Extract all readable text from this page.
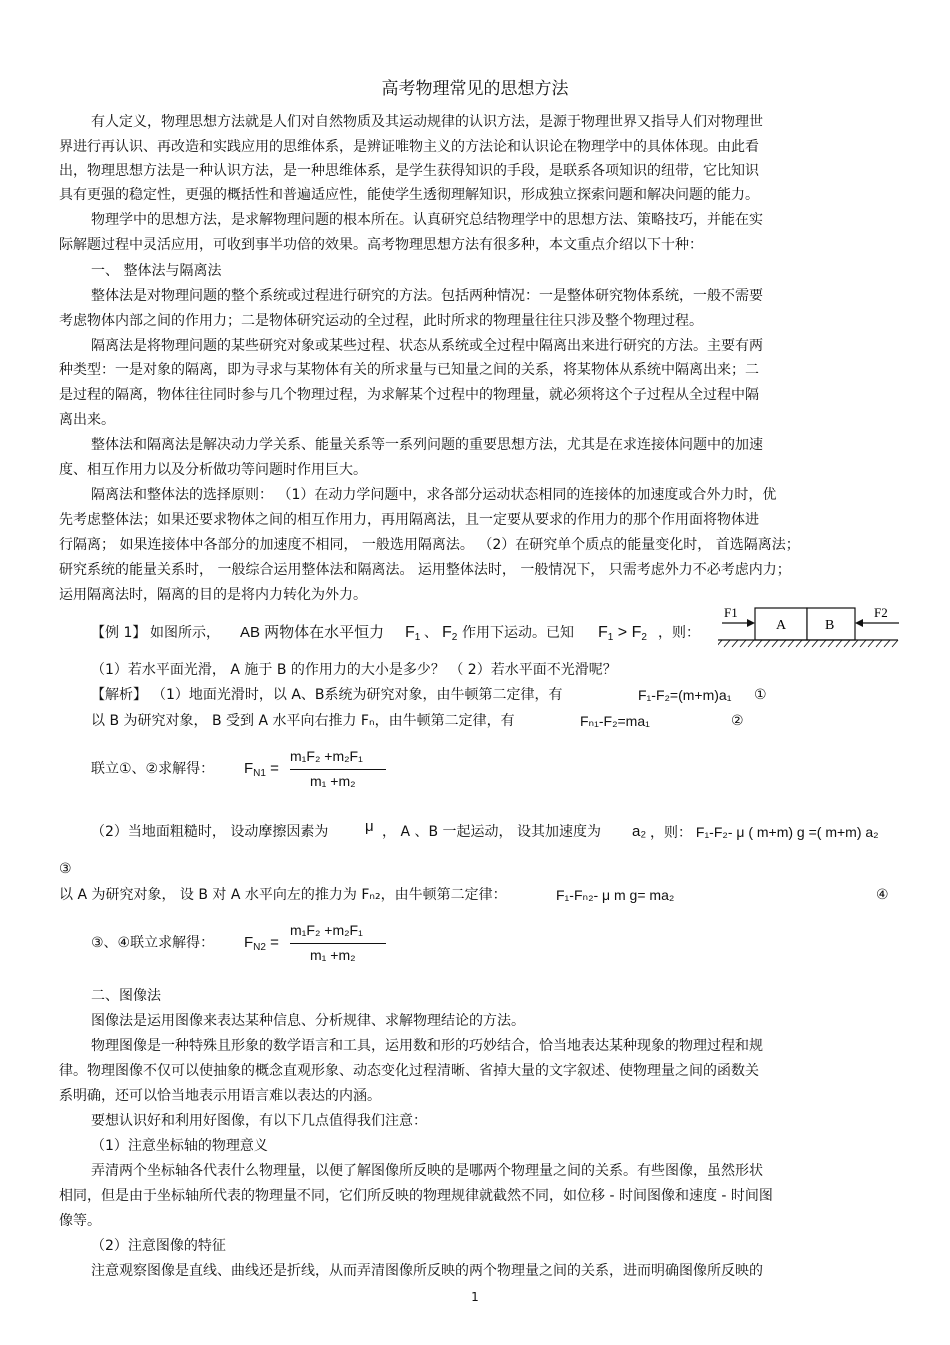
高考物理常见的思想方法
有人定义，物理思想方法就是人们对自然物质及其运动规律的认识方法，是源于物理世界又指导人们对物理世
界进行再认识、再改造和实践应用的思维体系，是辨证唯物主义的方法论和认识论在物理学中的具体体现。由此看
出，物理思想方法是一种认识方法，是一种思维体系，是学生获得知识的手段，是联系各项知识的纽带，它比知识
具有更强的稳定性，更强的概括性和普遍适应性，能使学生透彻理解知识，形成独立探索问题和解决问题的能力。
物理学中的思想方法，是求解物理问题的根本所在。认真研究总结物理学中的思想方法、策略技巧，并能在实
际解题过程中灵活应用，可收到事半功倍的效果。高考物理思想方法有很多种，本文重点介绍以下十种：
一、 整体法与隔离法
整体法是对物理问题的整个系统或过程进行研究的方法。包括两种情况：一是整体研究物体系统，一般不需要
考虑物体内部之间的作用力；二是物体研究运动的全过程，此时所求的物理量往往只涉及整个物理过程。
隔离法是将物理问题的某些研究对象或某些过程、状态从系统或全过程中隔离出来进行研究的方法。主要有两
种类型：一是对象的隔离，即为寻求与某物体有关的所求量与已知量之间的关系，将某物体从系统中隔离出来；二
是过程的隔离，物体往往同时参与几个物理过程，为求解某个过程中的物理量，就必须将这个子过程从全过程中隔
离出来。
整体法和隔离法是解决动力学关系、能量关系等一系列问题的重要思想方法，尤其是在求连接体问题中的加速
度、相互作用力以及分析做功等问题时作用巨大。
隔离法和整体法的选择原则： （1）在动力学问题中，求各部分运动状态相同的连接体的加速度或合外力时，优
先考虑整体法；如果还要求物体之间的相互作用力，再用隔离法，且一定要从要求的作用力的那个作用面将物体进
行隔离； 如果连接体中各部分的加速度不相同， 一般选用隔离法。 （2）在研究单个质点的能量变化时， 首选隔离法；
研究系统的能量关系时， 一般综合运用整体法和隔离法。 运用整体法时， 一般情况下， 只需考虑外力不必考虑内力；
运用隔离法时，隔离的目的是将内力转化为外力。
【例 1】 如图所示， AB 两物体在水平恒力 $F_1$ 、 $F_2$ 作用下运动。已知 $F_1 > F_2$ ，则：
F1	F2
A	B
（1）若水平面光滑， A 施于 B 的作用力的大小是多少？ （ 2）若水平面不光滑呢？
【解析】 （1）地面光滑时，以 A、B系统为研究对象，由牛顿第二定律，有	F₁-F₂=(m+m)a₁ ①
以 B 为研究对象， B 受到 A 水平向右推力 Fₙ，由牛顿第二定律，有	Fₙ₁-F₂=ma₁	②
联立①、②求解得： $F_{N1}$ =
m₁F₂ +m₂F₁
m₁ +m₂
（2）当地面粗糙时， 设动摩擦因素为 μ ， A 、B 一起运动， 设其加速度为 a₂ ，则： F₁-F₂- μ ( m+m) g =( m+m) a₂
③
以 A 为研究对象， 设 B 对 A 水平向左的推力为 Fₙ₂，由牛顿第二定律：	F₁-Fₙ₂- μ m g= ma₂	④
③、④联立求解得： $F_{N2}$ =
m₁F₂ +m₂F₁
m₁ +m₂
二、图像法
图像法是运用图像来表达某种信息、分析规律、求解物理结论的方法。
物理图像是一种特殊且形象的数学语言和工具，运用数和形的巧妙结合，恰当地表达某种现象的物理过程和规
律。物理图像不仅可以使抽象的概念直观形象、动态变化过程清晰、省掉大量的文字叙述、使物理量之间的函数关
系明确，还可以恰当地表示用语言难以表达的内涵。
要想认识好和利用好图像，有以下几点值得我们注意：
（1）注意坐标轴的物理意义
弄清两个坐标轴各代表什么物理量，以便了解图像所反映的是哪两个物理量之间的关系。有些图像，虽然形状
相同，但是由于坐标轴所代表的物理量不同，它们所反映的物理规律就截然不同，如位移 - 时间图像和速度 - 时间图
像等。
（2）注意图像的特征
注意观察图像是直线、曲线还是折线，从而弄清图像所反映的两个物理量之间的关系，进而明确图像所反映的
1
